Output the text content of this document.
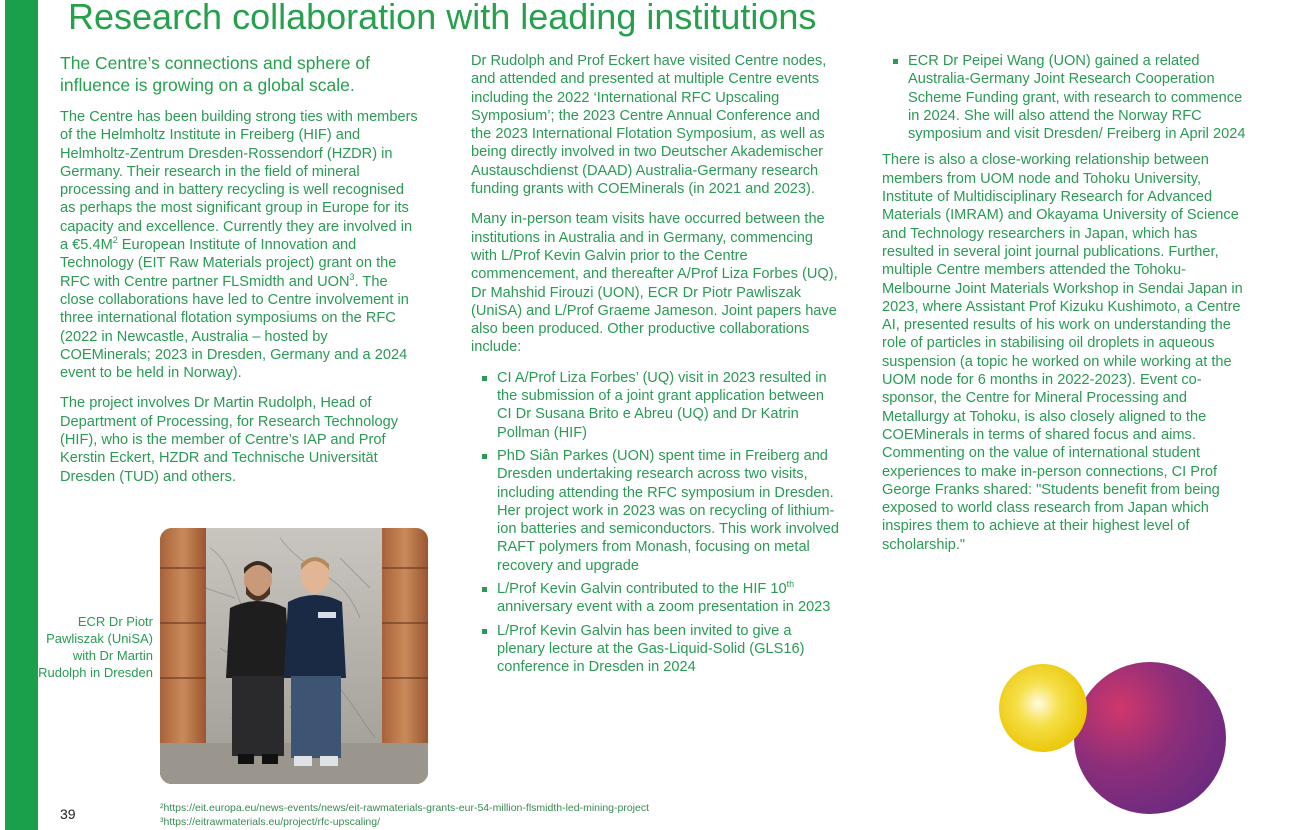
Research collaboration with leading institutions

The Centre’s connections and sphere of influence is growing on a global scale.

The Centre has been building strong ties with members of the Helmholtz Institute in Freiberg (HIF) and Helmholtz-Zentrum Dresden-Rossendorf (HZDR) in Germany. Their research in the field of mineral processing and in battery recycling is well recognised as perhaps the most significant group in Europe for its capacity and excellence. Currently they are involved in a $€5.4M^2$ European Institute of Innovation and Technology (EIT Raw Materials project) grant on the RFC with Centre partner FLSmidth and UON$^3$. The close collaborations have led to Centre involvement in three international flotation symposiums on the RFC (2022 in Newcastle, Australia – hosted by COEMinerals; 2023 in Dresden, Germany and a 2024 event to be held in Norway).

The project involves Dr Martin Rudolph, Head of Department of Processing, for Research Technology (HIF), who is the member of Centre’s IAP and Prof Kerstin Eckert, HZDR and Technische Universität Dresden (TUD) and others.

ECR Dr Piotr Pawliszak (UniSA) with Dr Martin Rudolph in Dresden

Dr Rudolph and Prof Eckert have visited Centre nodes, and attended and presented at multiple Centre events including the 2022 ‘International RFC Upscaling Symposium’; the 2023 Centre Annual Conference and the 2023 International Flotation Symposium, as well as being directly involved in two Deutscher Akademischer Austauschdienst (DAAD) Australia-Germany research funding grants with COEMinerals (in 2021 and 2023).

Many in-person team visits have occurred between the institutions in Australia and in Germany, commencing with L/Prof Kevin Galvin prior to the Centre commencement, and thereafter A/Prof Liza Forbes (UQ), Dr Mahshid Firouzi (UON), ECR Dr Piotr Pawliszak (UniSA) and L/Prof Graeme Jameson. Joint papers have also been produced. Other productive collaborations include:

CI A/Prof Liza Forbes’ (UQ) visit in 2023 resulted in the submission of a joint grant application between CI Dr Susana Brito e Abreu (UQ) and Dr Katrin Pollman (HIF)
PhD Siân Parkes (UON) spent time in Freiberg and Dresden undertaking research across two visits, including attending the RFC symposium in Dresden. Her project work in 2023 was on recycling of lithium-ion batteries and semiconductors. This work involved RAFT polymers from Monash, focusing on metal recovery and upgrade
L/Prof Kevin Galvin contributed to the HIF 10th anniversary event with a zoom presentation in 2023
L/Prof Kevin Galvin has been invited to give a plenary lecture at the Gas-Liquid-Solid (GLS16) conference in Dresden in 2024
ECR Dr Peipei Wang (UON) gained a related Australia-Germany Joint Research Cooperation Scheme Funding grant, with research to commence in 2024. She will also attend the Norway RFC symposium and visit Dresden/ Freiberg in April 2024

There is also a close-working relationship between members from UOM node and Tohoku University, Institute of Multidisciplinary Research for Advanced Materials (IMRAM) and Okayama University of Science and Technology researchers in Japan, which has resulted in several joint journal publications. Further, multiple Centre members attended the Tohoku-Melbourne Joint Materials Workshop in Sendai Japan in 2023, where Assistant Prof Kizuku Kushimoto, a Centre AI, presented results of his work on understanding the role of particles in stabilising oil droplets in aqueous suspension (a topic he worked on while working at the UOM node for 6 months in 2022-2023). Event co-sponsor, the Centre for Mineral Processing and Metallurgy at Tohoku, is also closely aligned to the COEMinerals in terms of shared focus and aims. Commenting on the value of international student experiences to make in-person connections, CI Prof George Franks shared: "Students benefit from being exposed to world class research from Japan which inspires them to achieve at their highest level of scholarship."

39	²https://eit.europa.eu/news-events/news/eit-rawmaterials-grants-eur-54-million-flsmidth-led-mining-project
³https://eitrawmaterials.eu/project/rfc-upscaling/
